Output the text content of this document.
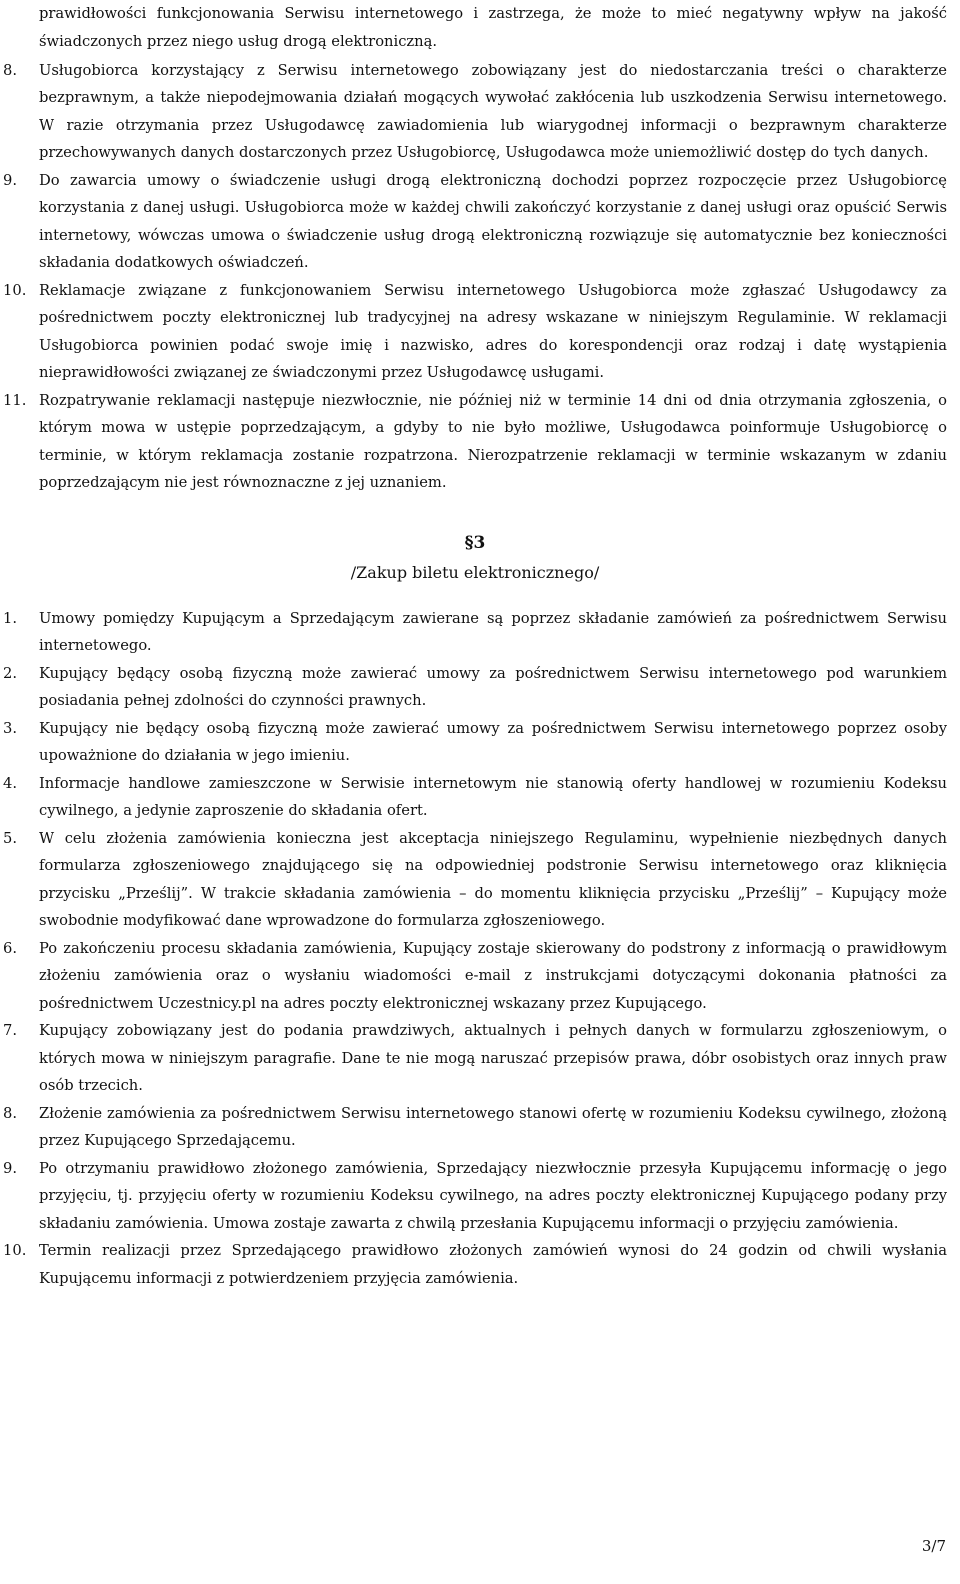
prawidłowości funkcjonowania Serwisu internetowego i zastrzega, że może to mieć negatywny wpływ na jakość świadczonych przez niego usług drogą elektroniczną.

8. Usługobiorca korzystający z Serwisu internetowego zobowiązany jest do niedostarczania treści o charakterze bezprawnym, a także niepodejmowania działań mogących wywołać zakłócenia lub uszkodzenia Serwisu internetowego. W razie otrzymania przez Usługodawcę zawiadomienia lub wiarygodnej informacji o bezprawnym charakterze przechowywanych danych dostarczonych przez Usługobiorcę, Usługodawca może uniemożliwić dostęp do tych danych.
9. Do zawarcia umowy o świadczenie usługi drogą elektroniczną dochodzi poprzez rozpoczęcie przez Usługobiorcę korzystania z danej usługi. Usługobiorca może w każdej chwili zakończyć korzystanie z danej usługi oraz opuścić Serwis internetowy, wówczas umowa o świadczenie usług drogą elektroniczną rozwiązuje się automatycznie bez konieczności składania dodatkowych oświadczeń.
10. Reklamacje związane z funkcjonowaniem Serwisu internetowego Usługobiorca może zgłaszać Usługodawcy za pośrednictwem poczty elektronicznej lub tradycyjnej na adresy wskazane w niniejszym Regulaminie. W reklamacji Usługobiorca powinien podać swoje imię i nazwisko, adres do korespondencji oraz rodzaj i datę wystąpienia nieprawidłowości związanej ze świadczonymi przez Usługodawcę usługami.
11. Rozpatrywanie reklamacji następuje niezwłocznie, nie później niż w terminie 14 dni od dnia otrzymania zgłoszenia, o którym mowa w ustępie poprzedzającym, a gdyby to nie było możliwe, Usługodawca poinformuje Usługobiorcę o terminie, w którym reklamacja zostanie rozpatrzona. Nierozpatrzenie reklamacji w terminie wskazanym w zdaniu poprzedzającym nie jest równoznaczne z jej uznaniem.
§3
/Zakup biletu elektronicznego/
1. Umowy pomiędzy Kupującym a Sprzedającym zawierane są poprzez składanie zamówień za pośrednictwem Serwisu internetowego.
2. Kupujący będący osobą fizyczną może zawierać umowy za pośrednictwem Serwisu internetowego pod warunkiem posiadania pełnej zdolności do czynności prawnych.
3. Kupujący nie będący osobą fizyczną może zawierać umowy za pośrednictwem Serwisu internetowego poprzez osoby upoważnione do działania w jego imieniu.
4. Informacje handlowe zamieszczone w Serwisie internetowym nie stanowią oferty handlowej w rozumieniu Kodeksu cywilnego, a jedynie zaproszenie do składania ofert.
5. W celu złożenia zamówienia konieczna jest akceptacja niniejszego Regulaminu, wypełnienie niezbędnych danych formularza zgłoszeniowego znajdującego się na odpowiedniej podstronie Serwisu internetowego oraz kliknięcia przycisku „Prześlij”. W trakcie składania zamówienia – do momentu kliknięcia przycisku „Prześlij” – Kupujący może swobodnie modyfikować dane wprowadzone do formularza zgłoszeniowego.
6. Po zakończeniu procesu składania zamówienia, Kupujący zostaje skierowany do podstrony z informacją o prawidłowym złożeniu zamówienia oraz o wysłaniu wiadomości e-mail z instrukcjami dotyczącymi dokonania płatności za pośrednictwem Uczestnicy.pl na adres poczty elektronicznej wskazany przez Kupującego.
7. Kupujący zobowiązany jest do podania prawdziwych, aktualnych i pełnych danych w formularzu zgłoszeniowym, o których mowa w niniejszym paragrafie. Dane te nie mogą naruszać przepisów prawa, dóbr osobistych oraz innych praw osób trzecich.
8. Złożenie zamówienia za pośrednictwem Serwisu internetowego stanowi ofertę w rozumieniu Kodeksu cywilnego, złożoną przez Kupującego Sprzedającemu.
9. Po otrzymaniu prawidłowo złożonego zamówienia, Sprzedający niezwłocznie przesyła Kupującemu informację o jego przyjęciu, tj. przyjęciu oferty w rozumieniu Kodeksu cywilnego, na adres poczty elektronicznej Kupującego podany przy składaniu zamówienia. Umowa zostaje zawarta z chwilą przesłania Kupującemu informacji o przyjęciu zamówienia.
10. Termin realizacji przez Sprzedającego prawidłowo złożonych zamówień wynosi do 24 godzin od chwili wysłania Kupującemu informacji z potwierdzeniem przyjęcia zamówienia.
3/7
